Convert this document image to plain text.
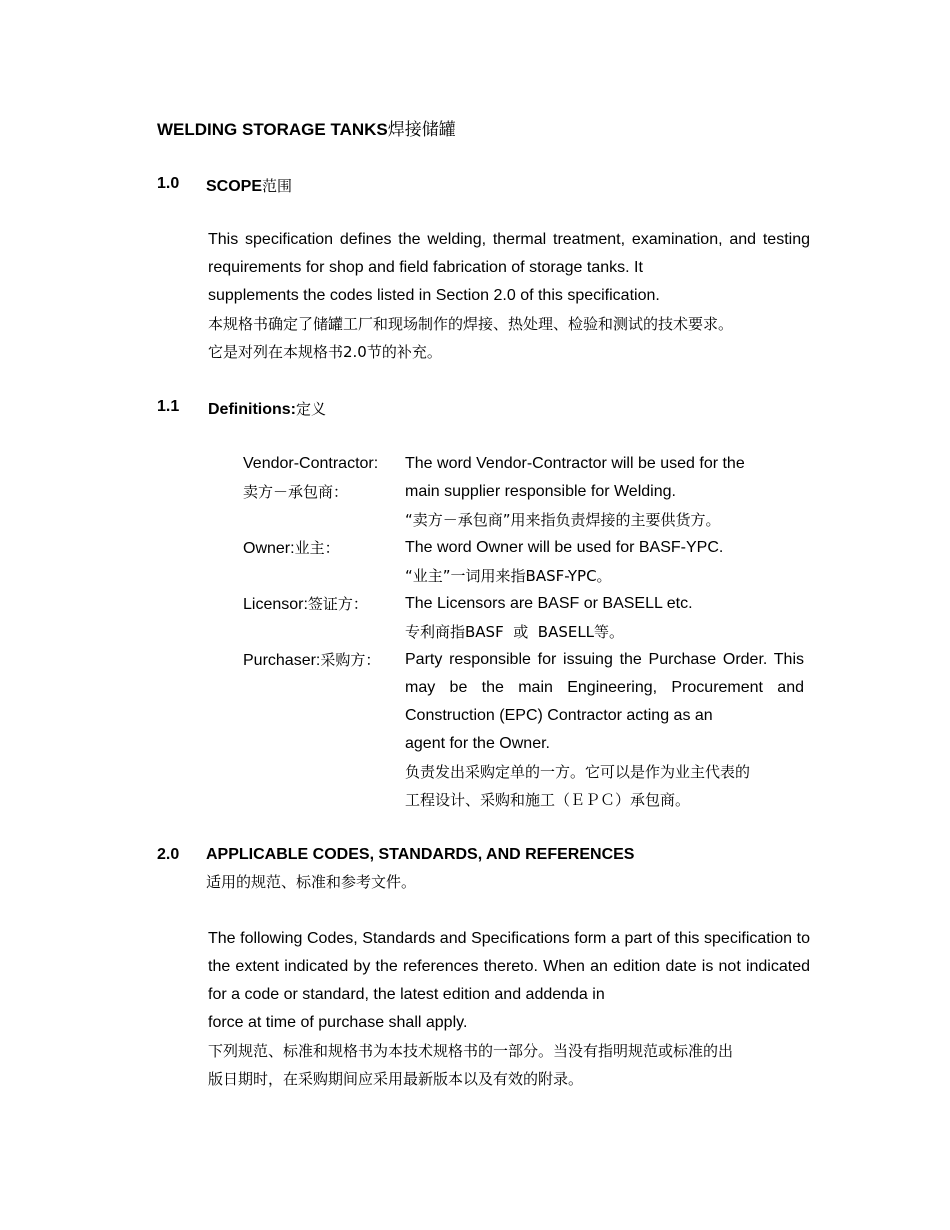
WELDING STORAGE TANKS焊接储罐
1.0 SCOPE范围
This specification defines the welding, thermal treatment, examination, and testing requirements for shop and field fabrication of storage tanks. It
supplements the codes listed in Section 2.0 of this specification.
本规格书确定了储罐工厂和现场制作的焊接、热处理、检验和测试的技术要求。
它是对列在本规格书2.0节的补充。
1.1 Definitions:定义
Vendor-Contractor:
卖方－承包商：
The word Vendor-Contractor will be used for the
main supplier responsible for Welding.
“卖方－承包商”用来指负责焊接的主要供货方。
Owner:业主：	The word Owner will be used for BASF-YPC.
“业主”一词用来指BASF-YPC。
Licensor:签证方： The Licensors are BASF or BASELL etc.
专利商指BASF  或  BASELL等。
Purchaser:采购方： Party responsible for issuing the Purchase Order. This may be the main Engineering, Procurement and Construction (EPC) Contractor acting as an
agent for the Owner.
负责发出采购定单的一方。它可以是作为业主代表的
工程设计、采购和施工（ＥＰＣ）承包商。
2.0 APPLICABLE CODES, STANDARDS, AND REFERENCES
适用的规范、标准和参考文件。
The following Codes, Standards and Specifications form a part of this specification to the extent indicated by the references thereto. When an edition date is not indicated for a code or standard, the latest edition and addenda in
force at time of purchase shall apply.
下列规范、标准和规格书为本技术规格书的一部分。当没有指明规范或标准的出
版日期时，在采购期间应采用最新版本以及有效的附录。
